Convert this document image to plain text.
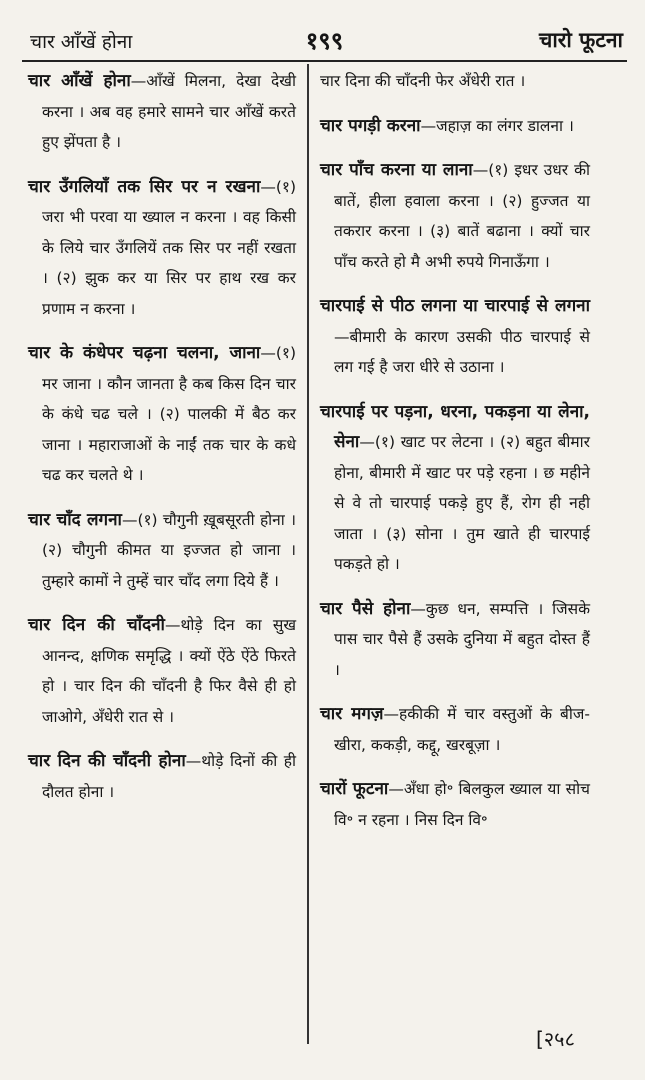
चार आँखें होना	१९९	चारो फूटना

चार आँखें होना—आँखें मिलना, देखा देखी करना । अब वह हमारे सामने चार आँखें करते हुए झेंपता है ।

चार उँगलियाँ तक सिर पर न रखना—(१) जरा भी परवा या ख्याल न करना । वह किसी के लिये चार उँगलियें तक सिर पर नहीं रखता । (२) झुक कर या सिर पर हाथ रख कर प्रणाम न करना ।

चार के कंधेपर चढ़ना चलना, जाना—(१) मर जाना । कौन जानता है कब किस दिन चार के कंधे चढ चले । (२) पालकी में बैठ कर जाना । महाराजाओं के नाईं तक चार के कधे चढ कर चलते थे ।

चार चाँद लगना—(१) चौगुनी ख़ूबसूरती होना । (२) चौगुनी कीमत या इज्जत हो जाना । तुम्हारे कामों ने तुम्हें चार चाँद लगा दिये हैं ।

चार दिन की चाँदनी—थोड़े दिन का सुख आनन्द, क्षणिक समृद्धि । क्यों ऐंठे ऐंठे फिरते हो । चार दिन की चाँदनी है फिर वैसे ही हो जाओगे, अँधेरी रात से ।

चार दिन की चाँदनी होना—थोड़े दिनों की ही दौलत होना ।

चार दिना की चाँदनी फेर अँधेरी रात ।

चार पगड़ी करना—जहाज़ का लंगर डालना ।

चार पाँच करना या लाना—(१) इधर उधर की बातें, हीला हवाला करना । (२) हुज्जत या तकरार करना । (३) बातें बढाना । क्यों चार पाँच करते हो मै अभी रुपये गिनाऊँगा ।

चारपाई से पीठ लगना या चारपाई से लगना—बीमारी के कारण उसकी पीठ चारपाई से लग गई है जरा धीरे से उठाना ।

चारपाई पर पड़ना, धरना, पकड़ना या लेना, सेना—(१) खाट पर लेटना । (२) बहुत बीमार होना, बीमारी में खाट पर पड़े रहना । छ महीने से वे तो चारपाई पकड़े हुए हैं, रोग ही नही जाता । (३) सोना । तुम खाते ही चारपाई पकड़ते हो ।

चार पैसे होना—कुछ धन, सम्पत्ति । जिसके पास चार पैसे हैं उसके दुनिया में बहुत दोस्त हैं ।

चार मगज़—हकीकी में चार वस्तुओं के बीज-खीरा, ककड़ी, कद्दू, खरबूज़ा ।

चारों फूटना—अँधा हो॰ बिलकुल ख्याल या सोच वि॰ न रहना । निस दिन वि॰

[२५८
